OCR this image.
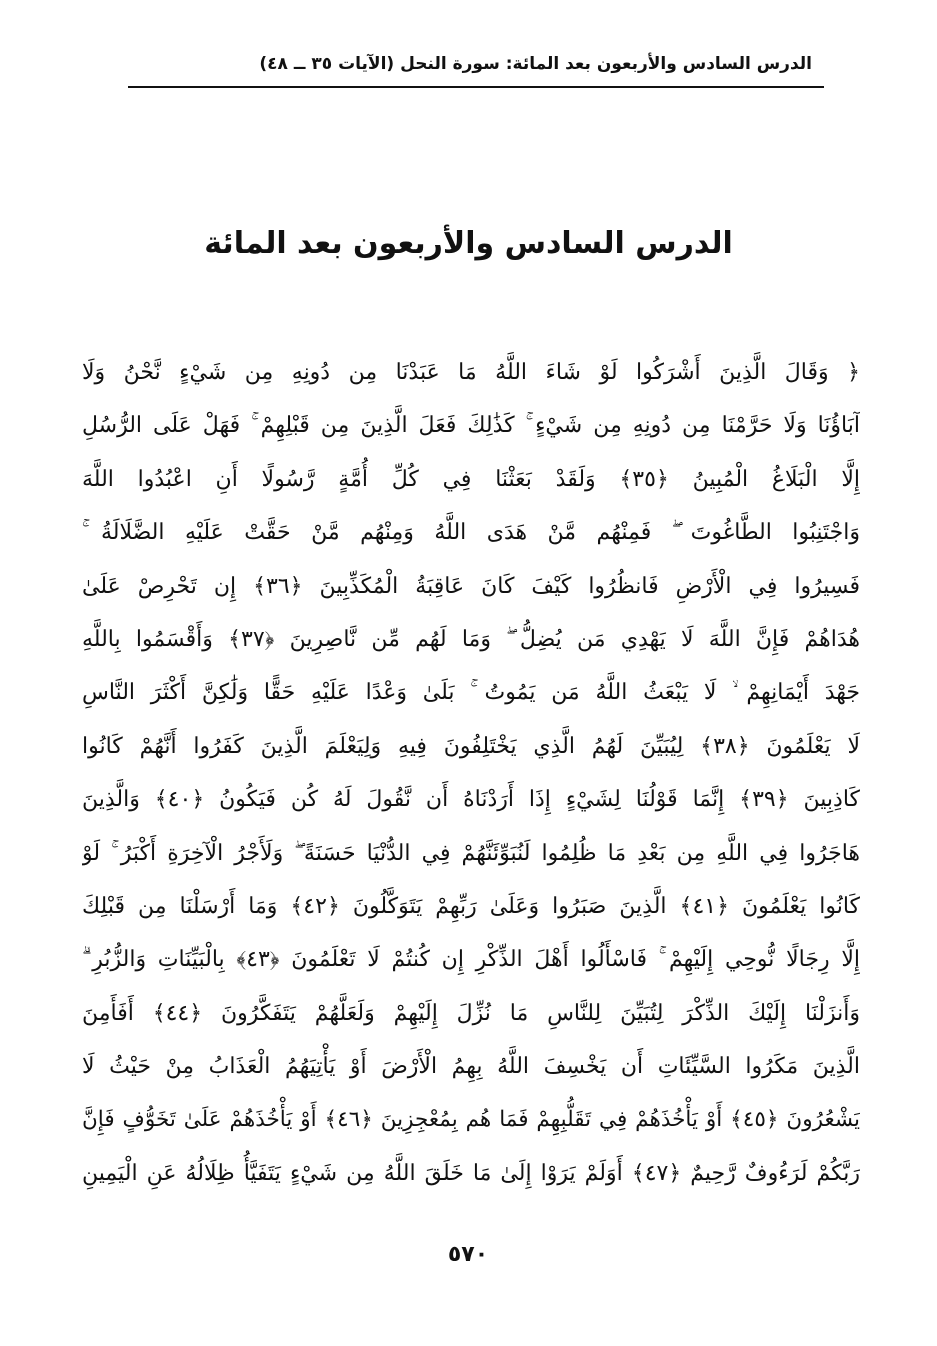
الدرس السادس والأربعون بعد المائة: سورة النحل (الآيات ٣٥ ــ ٤٨)
الدرس السادس والأربعون بعد المائة
﴿ وَقَالَ الَّذِينَ أَشْرَكُوا لَوْ شَاءَ اللَّهُ مَا عَبَدْنَا مِن دُونِهِ مِن شَيْءٍ نَّحْنُ وَلَا
آبَاؤُنَا وَلَا حَرَّمْنَا مِن دُونِهِ مِن شَيْءٍ ۚ كَذَٰلِكَ فَعَلَ الَّذِينَ مِن قَبْلِهِمْ ۚ فَهَلْ عَلَى الرُّسُلِ
إِلَّا الْبَلَاغُ الْمُبِينُ ﴿٣٥﴾ وَلَقَدْ بَعَثْنَا فِي كُلِّ أُمَّةٍ رَّسُولًا أَنِ اعْبُدُوا اللَّهَ
وَاجْتَنِبُوا الطَّاغُوتَ ۖ فَمِنْهُم مَّنْ هَدَى اللَّهُ وَمِنْهُم مَّنْ حَقَّتْ عَلَيْهِ الضَّلَالَةُ ۚ
فَسِيرُوا فِي الْأَرْضِ فَانظُرُوا كَيْفَ كَانَ عَاقِبَةُ الْمُكَذِّبِينَ ﴿٣٦﴾ إِن تَحْرِصْ عَلَىٰ
هُدَاهُمْ فَإِنَّ اللَّهَ لَا يَهْدِي مَن يُضِلُّ ۖ وَمَا لَهُم مِّن نَّاصِرِينَ ﴿٣٧﴾ وَأَقْسَمُوا بِاللَّهِ
جَهْدَ أَيْمَانِهِمْ ۙ لَا يَبْعَثُ اللَّهُ مَن يَمُوتُ ۚ بَلَىٰ وَعْدًا عَلَيْهِ حَقًّا وَلَٰكِنَّ أَكْثَرَ النَّاسِ
لَا يَعْلَمُونَ ﴿٣٨﴾ لِيُبَيِّنَ لَهُمُ الَّذِي يَخْتَلِفُونَ فِيهِ وَلِيَعْلَمَ الَّذِينَ كَفَرُوا أَنَّهُمْ كَانُوا
كَاذِبِينَ ﴿٣٩﴾ إِنَّمَا قَوْلُنَا لِشَيْءٍ إِذَا أَرَدْنَاهُ أَن نَّقُولَ لَهُ كُن فَيَكُونُ ﴿٤٠﴾ وَالَّذِينَ
هَاجَرُوا فِي اللَّهِ مِن بَعْدِ مَا ظُلِمُوا لَنُبَوِّئَنَّهُمْ فِي الدُّنْيَا حَسَنَةً ۖ وَلَأَجْرُ الْآخِرَةِ أَكْبَرُ ۚ لَوْ
كَانُوا يَعْلَمُونَ ﴿٤١﴾ الَّذِينَ صَبَرُوا وَعَلَىٰ رَبِّهِمْ يَتَوَكَّلُونَ ﴿٤٢﴾ وَمَا أَرْسَلْنَا مِن قَبْلِكَ
إِلَّا رِجَالًا نُّوحِي إِلَيْهِمْ ۚ فَاسْأَلُوا أَهْلَ الذِّكْرِ إِن كُنتُمْ لَا تَعْلَمُونَ ﴿٤٣﴾ بِالْبَيِّنَاتِ وَالزُّبُرِ ۗ
وَأَنزَلْنَا إِلَيْكَ الذِّكْرَ لِتُبَيِّنَ لِلنَّاسِ مَا نُزِّلَ إِلَيْهِمْ وَلَعَلَّهُمْ يَتَفَكَّرُونَ ﴿٤٤﴾ أَفَأَمِنَ
الَّذِينَ مَكَرُوا السَّيِّئَاتِ أَن يَخْسِفَ اللَّهُ بِهِمُ الْأَرْضَ أَوْ يَأْتِيَهُمُ الْعَذَابُ مِنْ حَيْثُ لَا
يَشْعُرُونَ ﴿٤٥﴾ أَوْ يَأْخُذَهُمْ فِي تَقَلُّبِهِمْ فَمَا هُم بِمُعْجِزِينَ ﴿٤٦﴾ أَوْ يَأْخُذَهُمْ عَلَىٰ تَخَوُّفٍ فَإِنَّ
رَبَّكُمْ لَرَءُوفٌ رَّحِيمٌ ﴿٤٧﴾ أَوَلَمْ يَرَوْا إِلَىٰ مَا خَلَقَ اللَّهُ مِن شَيْءٍ يَتَفَيَّأُ ظِلَالُهُ عَنِ الْيَمِينِ
٥٧٠
